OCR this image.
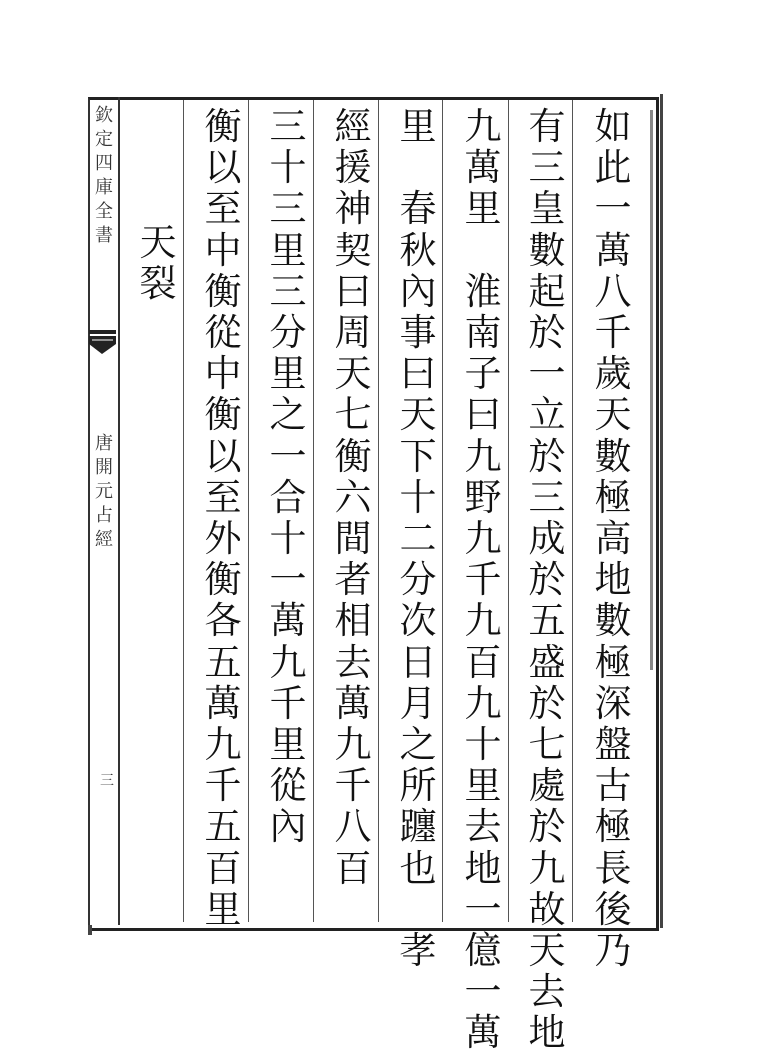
欽
定
四
庫
全
書
唐
開
元
占
經
三
如
此
一
萬
八
千
歲
天
數
極
高
地
數
極
深
盤
古
極
長
後
乃
有
三
皇
數
起
於
一
立
於
三
成
於
五
盛
於
七
處
於
九
故
天
去
地
九
萬
里

淮
南
子
曰
九
野
九
千
九
百
九
十
里
去
地
一
億
一
萬
里

春
秋
內
事
曰
天
下
十
二
分
次
日
月
之
所
躔
也

孝
經
援
神
契
曰
周
天
七
衡
六
間
者
相
去
萬
九
千
八
百
三
十
三
里
三
分
里
之
一
合
十
一
萬
九
千
里
從
內
衡
以
至
中
衡
從
中
衡
以
至
外
衡
各
五
萬
九
千
五
百
里
天
裂
